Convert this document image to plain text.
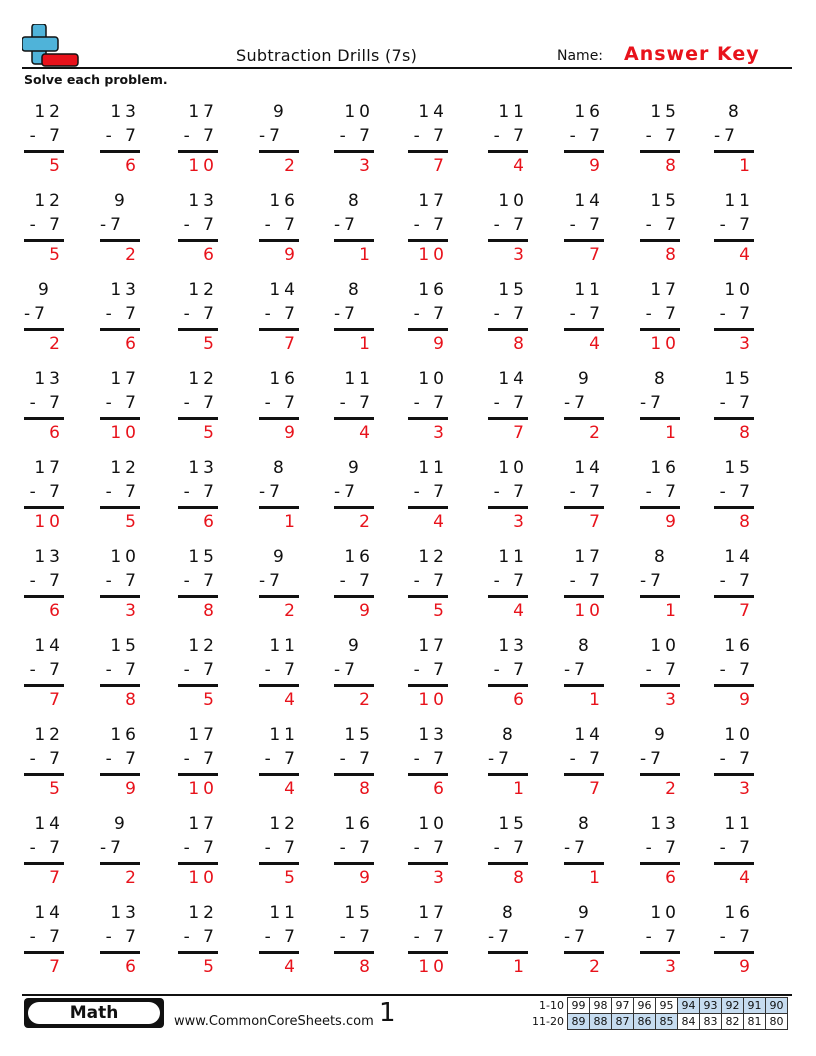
Subtraction Drills (7s)	Name: Answer Key
Solve each problem.
12
- 7
5
13
- 7
6
17
- 7
10
9
-7
2
10
- 7
3
14
- 7
7
11
- 7
4
16
- 7
9
15
- 7
8
8
-7
1
12
- 7
5
9
-7
2
13
- 7
6
16
- 7
9
8
-7
1
17
- 7
10
10
- 7
3
14
- 7
7
15
- 7
8
11
- 7
4
9
-7
2
13
- 7
6
12
- 7
5
14
- 7
7
8
-7
1
16
- 7
9
15
- 7
8
11
- 7
4
17
- 7
10
10
- 7
3
13
- 7
6
17
- 7
10
12
- 7
5
16
- 7
9
11
- 7
4
10
- 7
3
14
- 7
7
9
-7
2
8
-7
1
15
- 7
8
17
- 7
10
12
- 7
5
13
- 7
6
8
-7
1
9
-7
2
11
- 7
4
10
- 7
3
14
- 7
7
16
- 7
9
15
- 7
8
13
- 7
6
10
- 7
3
15
- 7
8
9
-7
2
16
- 7
9
12
- 7
5
11
- 7
4
17
- 7
10
8
-7
1
14
- 7
7
14
- 7
7
15
- 7
8
12
- 7
5
11
- 7
4
9
-7
2
17
- 7
10
13
- 7
6
8
-7
1
10
- 7
3
16
- 7
9
12
- 7
5
16
- 7
9
17
- 7
10
11
- 7
4
15
- 7
8
13
- 7
6
8
-7
1
14
- 7
7
9
-7
2
10
- 7
3
14
- 7
7
9
-7
2
17
- 7
10
12
- 7
5
16
- 7
9
10
- 7
3
15
- 7
8
8
-7
1
13
- 7
6
11
- 7
4
14
- 7
7
13
- 7
6
12
- 7
5
11
- 7
4
15
- 7
8
17
- 7
10
8
-7
1
9
-7
2
10
- 7
3
16
- 7
9
Math	www.CommonCoreSheets.com 1	1-10	99	98	97	96	95	94	93	92	91	90
11-20	89	88	87	86	85	84	83	82	81	80
